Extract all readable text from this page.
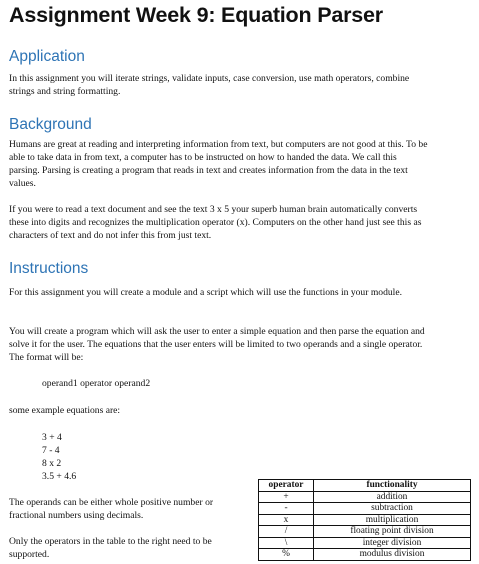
Assignment Week 9: Equation Parser
Application
In this assignment you will iterate strings, validate inputs, case conversion, use math operators, combine strings and string formatting.
Background
Humans are great at reading and interpreting information from text, but computers are not good at this. To be able to take data in from text, a computer has to be instructed on how to handed the data. We call this parsing. Parsing is creating a program that reads in text and creates information from the data in the text values.
If you were to read a text document and see the text 3 x 5 your superb human brain automatically converts these into digits and recognizes the multiplication operator (x). Computers on the other hand just see this as characters of text and do not infer this from just text.
Instructions
For this assignment you will create a module and a script which will use the functions in your module.
You will create a program which will ask the user to enter a simple equation and then parse the equation and solve it for the user. The equations that the user enters will be limited to two operands and a single operator. The format will be:
operand1 operator operand2
some example equations are:
3 + 4
7 - 4
8 x 2
3.5 + 4.6
The operands can be either whole positive number or fractional numbers using decimals.
Only the operators in the table to the right need to be supported.
operator	functionality
+	addition
-	subtraction
x	multiplication
/	floating point division
\	integer division
%	modulus division
